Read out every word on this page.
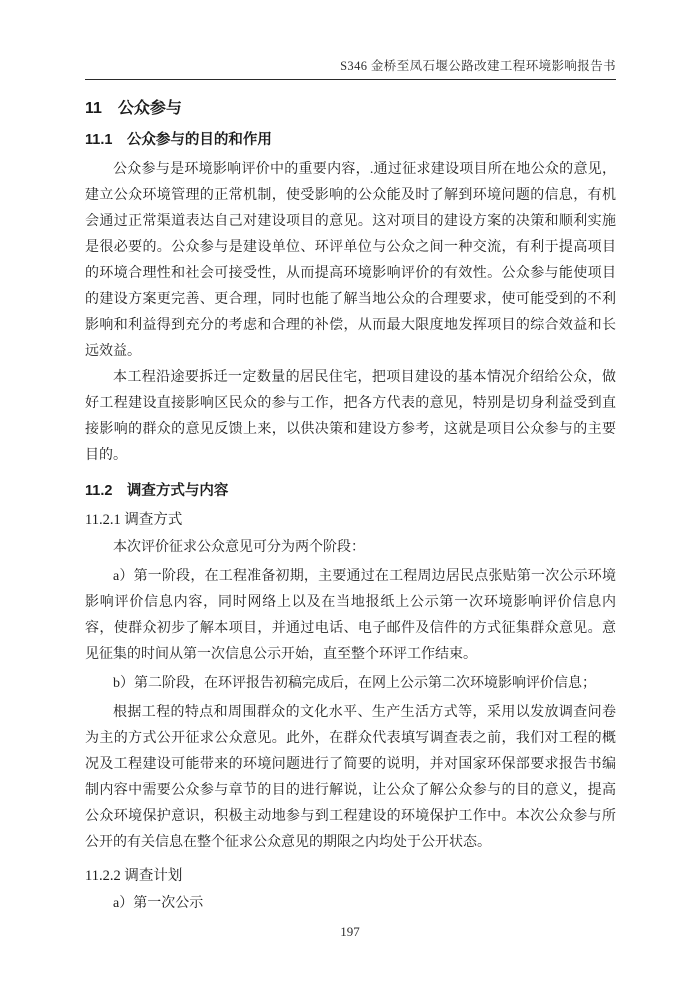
S346 金桥至凤石堰公路改建工程环境影响报告书
11　公众参与
11.1　公众参与的目的和作用

公众参与是环境影响评价中的重要内容，.通过征求建设项目所在地公众的意见，建立公众环境管理的正常机制，使受影响的公众能及时了解到环境问题的信息，有机会通过正常渠道表达自己对建设项目的意见。这对项目的建设方案的决策和顺利实施是很必要的。公众参与是建设单位、环评单位与公众之间一种交流，有利于提高项目的环境合理性和社会可接受性，从而提高环境影响评价的有效性。公众参与能使项目的建设方案更完善、更合理，同时也能了解当地公众的合理要求，使可能受到的不利影响和利益得到充分的考虑和合理的补偿，从而最大限度地发挥项目的综合效益和长远效益。

本工程沿途要拆迁一定数量的居民住宅，把项目建设的基本情况介绍给公众，做好工程建设直接影响区民众的参与工作，把各方代表的意见，特别是切身利益受到直接影响的群众的意见反馈上来，以供决策和建设方参考，这就是项目公众参与的主要目的。

11.2　调查方式与内容
11.2.1 调查方式

本次评价征求公众意见可分为两个阶段：

a）第一阶段，在工程准备初期，主要通过在工程周边居民点张贴第一次公示环境影响评价信息内容，同时网络上以及在当地报纸上公示第一次环境影响评价信息内容，使群众初步了解本项目，并通过电话、电子邮件及信件的方式征集群众意见。意见征集的时间从第一次信息公示开始，直至整个环评工作结束。

b）第二阶段，在环评报告初稿完成后，在网上公示第二次环境影响评价信息；

根据工程的特点和周围群众的文化水平、生产生活方式等，采用以发放调查问卷为主的方式公开征求公众意见。此外，在群众代表填写调查表之前，我们对工程的概况及工程建设可能带来的环境问题进行了简要的说明，并对国家环保部要求报告书编制内容中需要公众参与章节的目的进行解说，让公众了解公众参与的目的意义，提高公众环境保护意识，积极主动地参与到工程建设的环境保护工作中。本次公众参与所公开的有关信息在整个征求公众意见的期限之内均处于公开状态。

11.2.2 调查计划

a）第一次公示

197
